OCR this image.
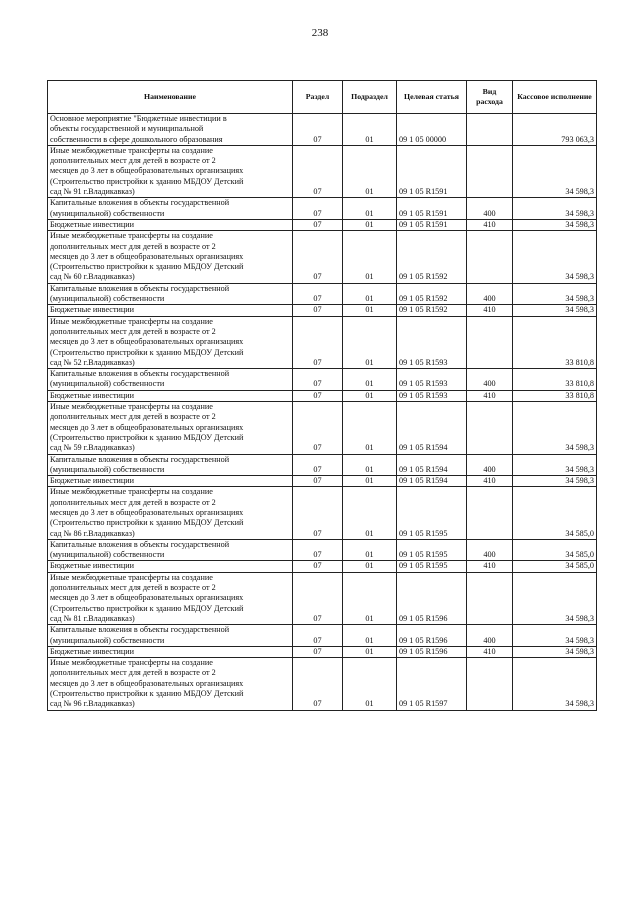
238
Наименование	Раздел	Подраздел	Целевая статья	Вид расхода	Кассовое исполнение
Основное мероприятие "Бюджетные инвестиции в
объекты государственной и муниципальной
собственности в сфере дошкольного образования	07	01	09 1 05 00000		793 063,3
Иные межбюджетные трансферты на создание
дополнительных мест для детей в возрасте от 2
месяцев до 3 лет в общеобразовательных организациях
(Строительство пристройки к зданию МБДОУ Детский
сад № 91 г.Владикавказ)	07	01	09 1 05 R1591		34 598,3
Капитальные вложения в объекты государственной
(муниципальной) собственности	07	01	09 1 05 R1591	400	34 598,3
Бюджетные инвестиции	07	01	09 1 05 R1591	410	34 598,3
Иные межбюджетные трансферты на создание
дополнительных мест для детей в возрасте от 2
месяцев до 3 лет в общеобразовательных организациях
(Строительство пристройки к зданию МБДОУ Детский
сад № 60 г.Владикавказ)	07	01	09 1 05 R1592		34 598,3
Капитальные вложения в объекты государственной
(муниципальной) собственности	07	01	09 1 05 R1592	400	34 598,3
Бюджетные инвестиции	07	01	09 1 05 R1592	410	34 598,3
Иные межбюджетные трансферты на создание
дополнительных мест для детей в возрасте от 2
месяцев до 3 лет в общеобразовательных организациях
(Строительство пристройки к зданию МБДОУ Детский
сад № 52 г.Владикавказ)	07	01	09 1 05 R1593		33 810,8
Капитальные вложения в объекты государственной
(муниципальной) собственности	07	01	09 1 05 R1593	400	33 810,8
Бюджетные инвестиции	07	01	09 1 05 R1593	410	33 810,8
Иные межбюджетные трансферты на создание
дополнительных мест для детей в возрасте от 2
месяцев до 3 лет в общеобразовательных организациях
(Строительство пристройки к зданию МБДОУ Детский
сад № 59 г.Владикавказ)	07	01	09 1 05 R1594		34 598,3
Капитальные вложения в объекты государственной
(муниципальной) собственности	07	01	09 1 05 R1594	400	34 598,3
Бюджетные инвестиции	07	01	09 1 05 R1594	410	34 598,3
Иные межбюджетные трансферты на создание
дополнительных мест для детей в возрасте от 2
месяцев до 3 лет в общеобразовательных организациях
(Строительство пристройки к зданию МБДОУ Детский
сад № 86 г.Владикавказ)	07	01	09 1 05 R1595		34 585,0
Капитальные вложения в объекты государственной
(муниципальной) собственности	07	01	09 1 05 R1595	400	34 585,0
Бюджетные инвестиции	07	01	09 1 05 R1595	410	34 585,0
Иные межбюджетные трансферты на создание
дополнительных мест для детей в возрасте от 2
месяцев до 3 лет в общеобразовательных организациях
(Строительство пристройки к зданию МБДОУ Детский
сад № 81 г.Владикавказ)	07	01	09 1 05 R1596		34 598,3
Капитальные вложения в объекты государственной
(муниципальной) собственности	07	01	09 1 05 R1596	400	34 598,3
Бюджетные инвестиции	07	01	09 1 05 R1596	410	34 598,3
Иные межбюджетные трансферты на создание
дополнительных мест для детей в возрасте от 2
месяцев до 3 лет в общеобразовательных организациях
(Строительство пристройки к зданию МБДОУ Детский
сад № 96 г.Владикавказ)	07	01	09 1 05 R1597		34 598,3
